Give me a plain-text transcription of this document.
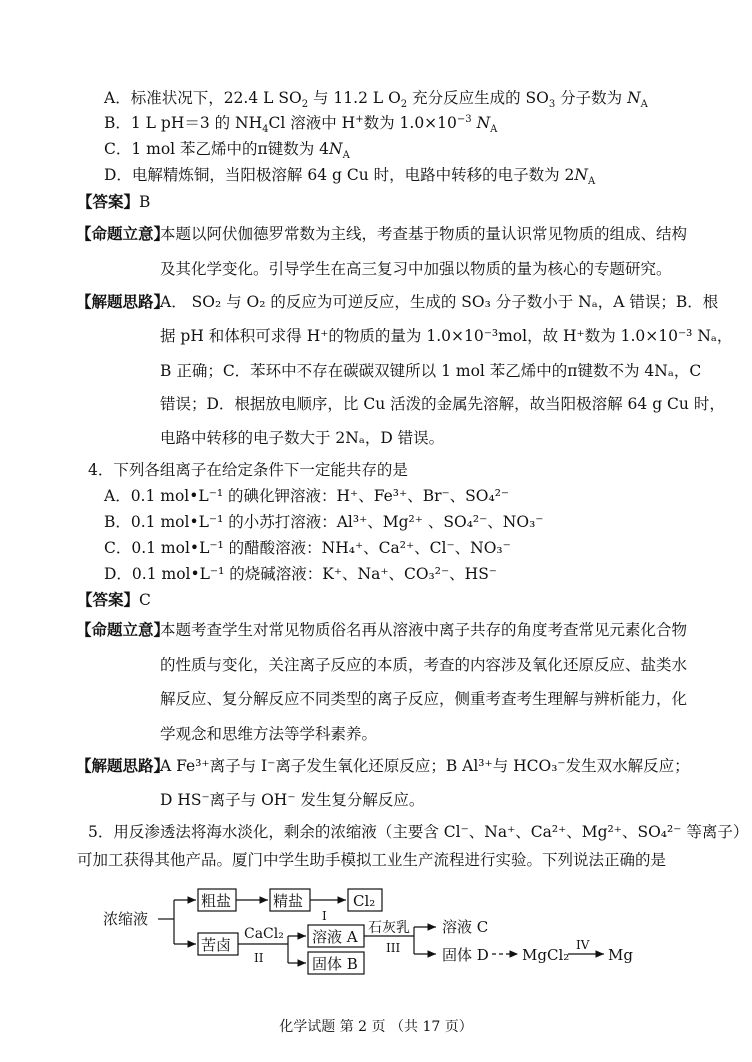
A．标准状况下，22.4 L $SO_2$ 与 11.2 L $O_2$ 充分反应生成的 $SO_3$ 分子数为 $N_A$
B．1 L pH＝3 的 $NH_4Cl$ 溶液中 H+数为 $1.0\times 10^{-3}$ $N_A$
C．1 mol 苯乙烯中的π键数为 $4N_A$
D．电解精炼铜，当阳极溶解 64 g Cu 时，电路中转移的电子数为 $2N_A$
【答案】B
【命题立意】
本题以阿伏伽德罗常数为主线，考查基于物质的量认识常见物质的组成、结构
及其化学变化。引导学生在高三复习中加强以物质的量为核心的专题研究。
【解题思路】
A． SO₂ 与 O₂ 的反应为可逆反应，生成的 SO₃ 分子数小于 Nₐ，A 错误；B．根
据 pH 和体积可求得 H⁺的物质的量为 1.0×10⁻³mol，故 H⁺数为 1.0×10⁻³ Nₐ，
B 正确；C．苯环中不存在碳碳双键所以 1 mol 苯乙烯中的π键数不为 4Nₐ，C
错误；D．根据放电顺序，比 Cu 活泼的金属先溶解，故当阳极溶解 64 g Cu 时，
电路中转移的电子数大于 2Nₐ，D 错误。
4．下列各组离子在给定条件下一定能共存的是
A．0.1 mol•L⁻¹ 的碘化钾溶液：H⁺、Fe³⁺、Br⁻、SO₄²⁻
B．0.1 mol•L⁻¹ 的小苏打溶液：Al³⁺、Mg²⁺ 、SO₄²⁻、NO₃⁻
C．0.1 mol•L⁻¹ 的醋酸溶液：NH₄⁺、Ca²⁺、Cl⁻、NO₃⁻
D．0.1 mol•L⁻¹ 的烧碱溶液：K⁺、Na⁺、CO₃²⁻、HS⁻
【答案】C
【命题立意】
本题考查学生对常见物质俗名再从溶液中离子共存的角度考查常见元素化合物
的性质与变化，关注离子反应的本质，考查的内容涉及氧化还原反应、盐类水
解反应、复分解反应不同类型的离子反应，侧重考查考生理解与辨析能力，化
学观念和思维方法等学科素养。
【解题思路】
A Fe³⁺离子与 I⁻离子发生氧化还原反应；B Al³⁺与 HCO₃⁻发生双水解反应；
D HS⁻离子与 OH⁻ 发生复分解反应。
5．用反渗透法将海水淡化，剩余的浓缩液（主要含 Cl⁻、Na⁺、Ca²⁺、Mg²⁺、SO₄²⁻ 等离子）
可加工获得其他产品。厦门中学生助手模拟工业生产流程进行实验。下列说法正确的是
浓缩液
粗盐	精盐	Cl₂
I
苦卤
CaCl₂
II
溶液 A
固体 B
石灰乳
III
溶液 C
固体 D MgCl₂
IV
Mg
化学试题 第 2 页 （共 17 页）
